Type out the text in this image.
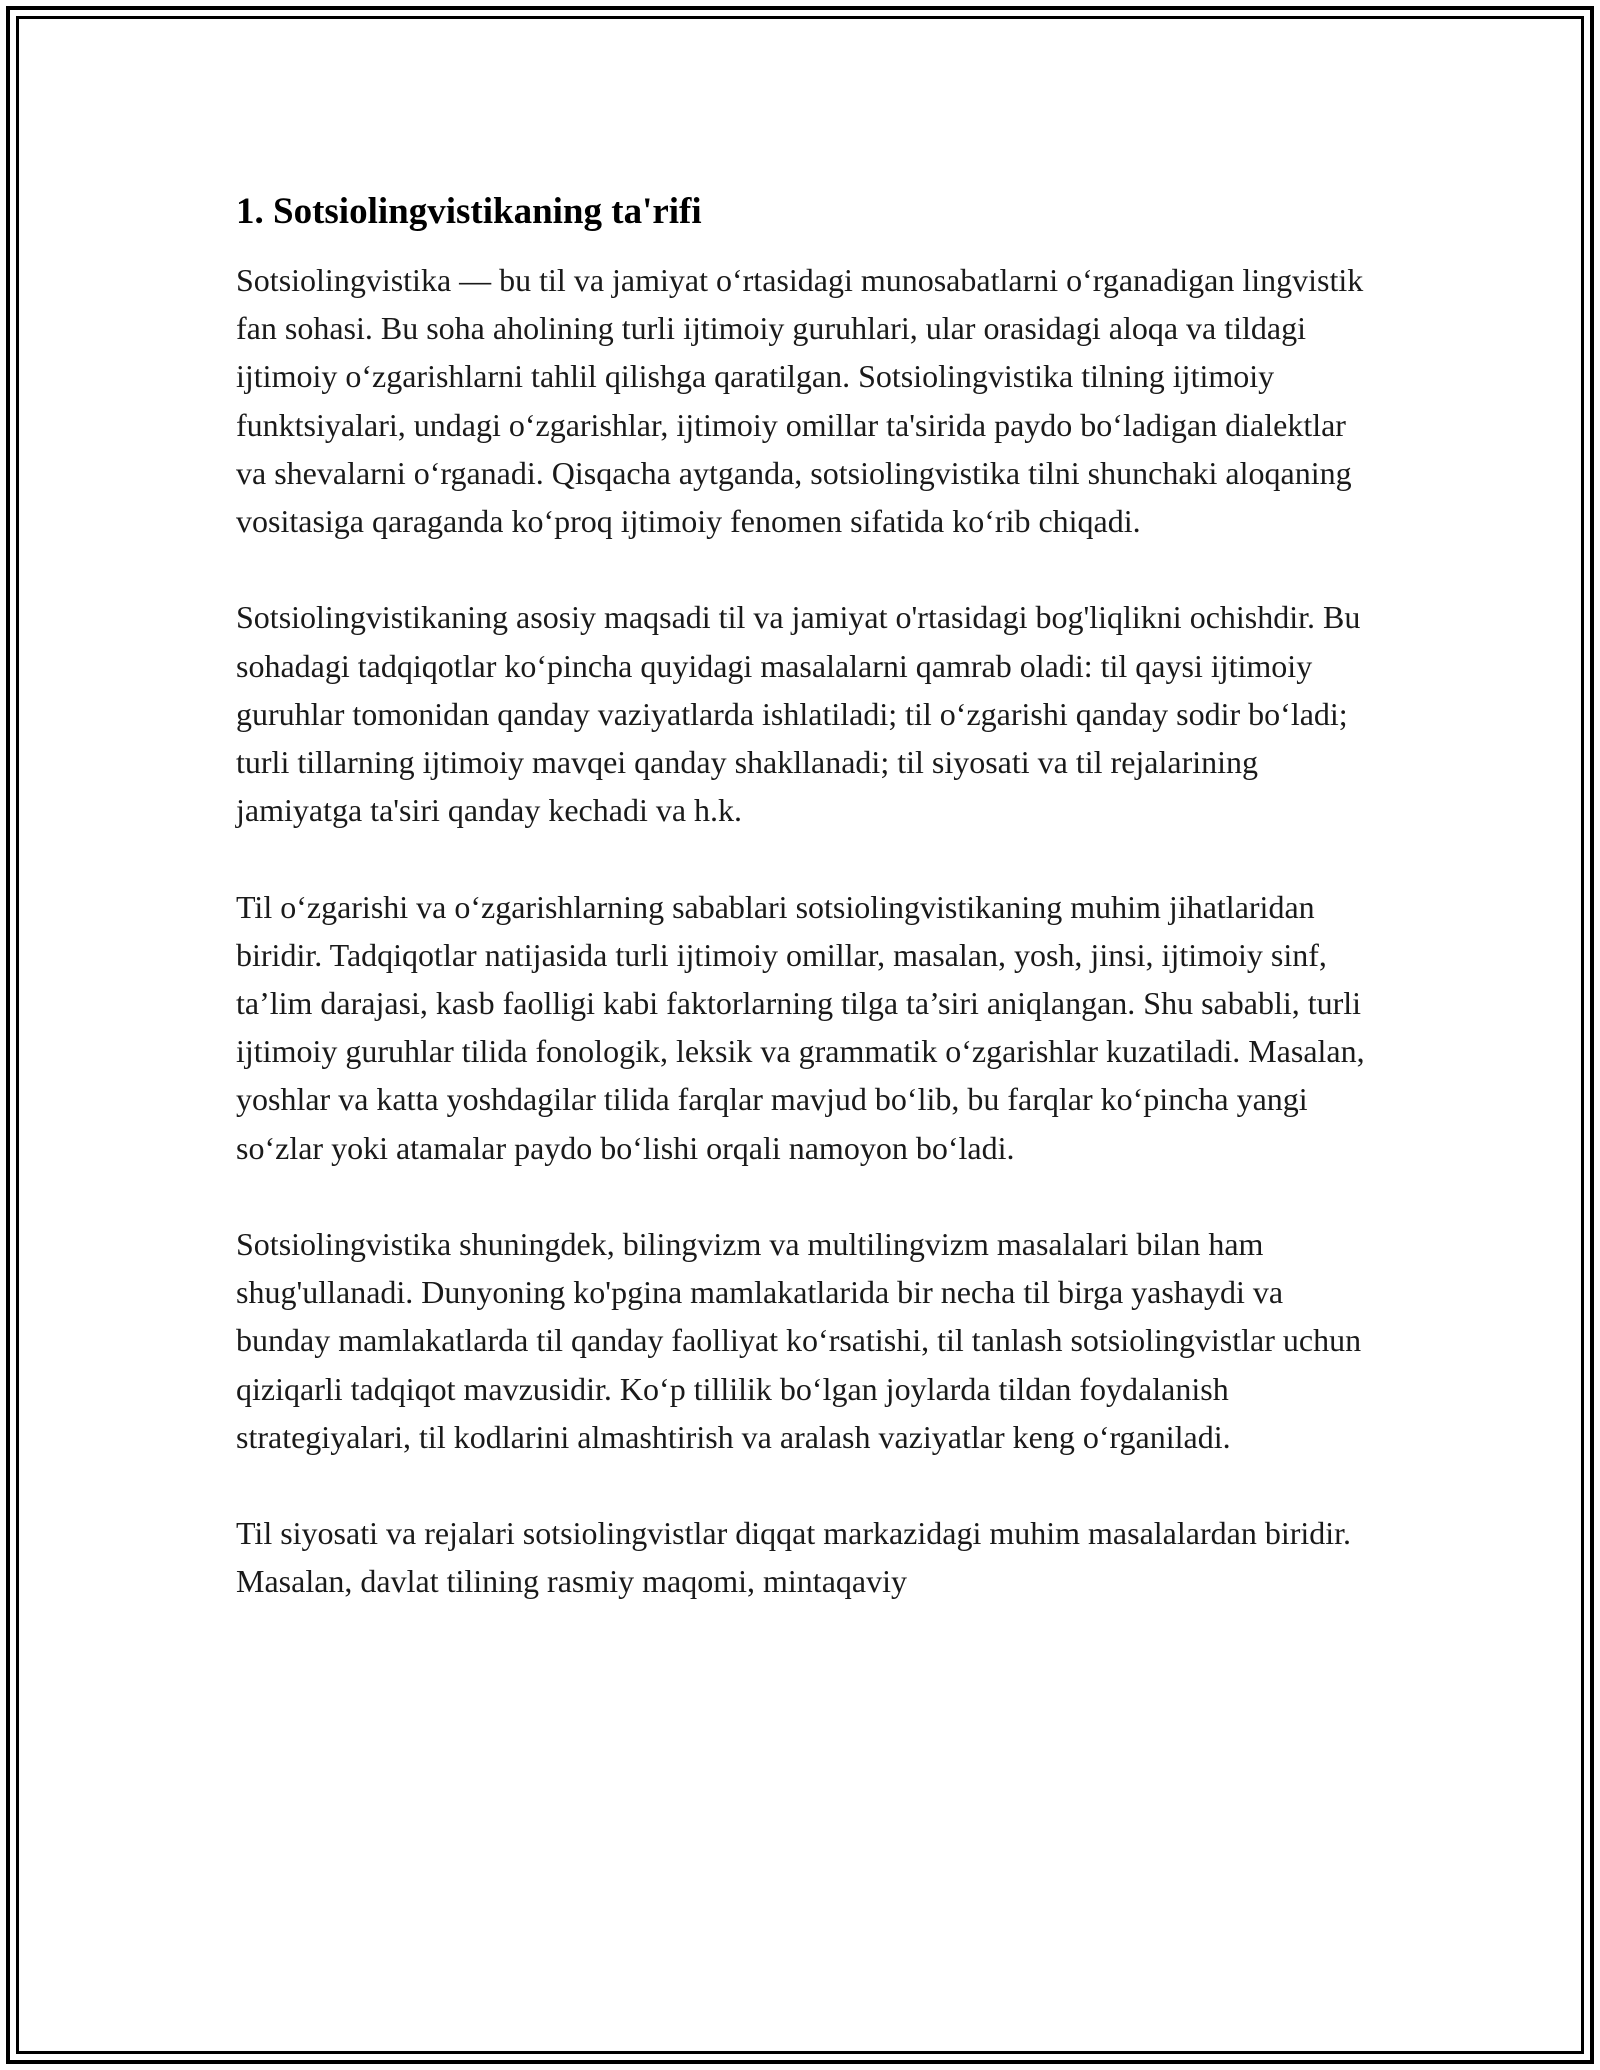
1. Sotsiolingvistikaning ta'rifi

Sotsiolingvistika — bu til va jamiyat oʻrtasidagi munosabatlarni oʻrganadigan lingvistik fan sohasi. Bu soha aholining turli ijtimoiy guruhlari, ular orasidagi aloqa va tildagi ijtimoiy oʻzgarishlarni tahlil qilishga qaratilgan. Sotsiolingvistika tilning ijtimoiy funktsiyalari, undagi oʻzgarishlar, ijtimoiy omillar ta'sirida paydo boʻladigan dialektlar va shevalarni oʻrganadi. Qisqacha aytganda, sotsiolingvistika tilni shunchaki aloqaning vositasiga qaraganda koʻproq ijtimoiy fenomen sifatida koʻrib chiqadi.

Sotsiolingvistikaning asosiy maqsadi til va jamiyat o'rtasidagi bog'liqlikni ochishdir. Bu sohadagi tadqiqotlar koʻpincha quyidagi masalalarni qamrab oladi: til qaysi ijtimoiy guruhlar tomonidan qanday vaziyatlarda ishlatiladi; til oʻzgarishi qanday sodir boʻladi; turli tillarning ijtimoiy mavqei qanday shakllanadi; til siyosati va til rejalarining jamiyatga ta'siri qanday kechadi va h.k.

Til oʻzgarishi va oʻzgarishlarning sabablari sotsiolingvistikaning muhim jihatlaridan biridir. Tadqiqotlar natijasida turli ijtimoiy omillar, masalan, yosh, jinsi, ijtimoiy sinf, ta’lim darajasi, kasb faolligi kabi faktorlarning tilga ta’siri aniqlangan. Shu sababli, turli ijtimoiy guruhlar tilida fonologik, leksik va grammatik oʻzgarishlar kuzatiladi. Masalan, yoshlar va katta yoshdagilar tilida farqlar mavjud boʻlib, bu farqlar koʻpincha yangi soʻzlar yoki atamalar paydo boʻlishi orqali namoyon boʻladi.

Sotsiolingvistika shuningdek, bilingvizm va multilingvizm masalalari bilan ham shug'ullanadi. Dunyoning ko'pgina mamlakatlarida bir necha til birga yashaydi va bunday mamlakatlarda til qanday faolliyat koʻrsatishi, til tanlash sotsiolingvistlar uchun qiziqarli tadqiqot mavzusidir. Koʻp tillilik boʻlgan joylarda tildan foydalanish strategiyalari, til kodlarini almashtirish va aralash vaziyatlar keng oʻrganiladi.

Til siyosati va rejalari sotsiolingvistlar diqqat markazidagi muhim masalalardan biridir. Masalan, davlat tilining rasmiy maqomi, mintaqaviy
